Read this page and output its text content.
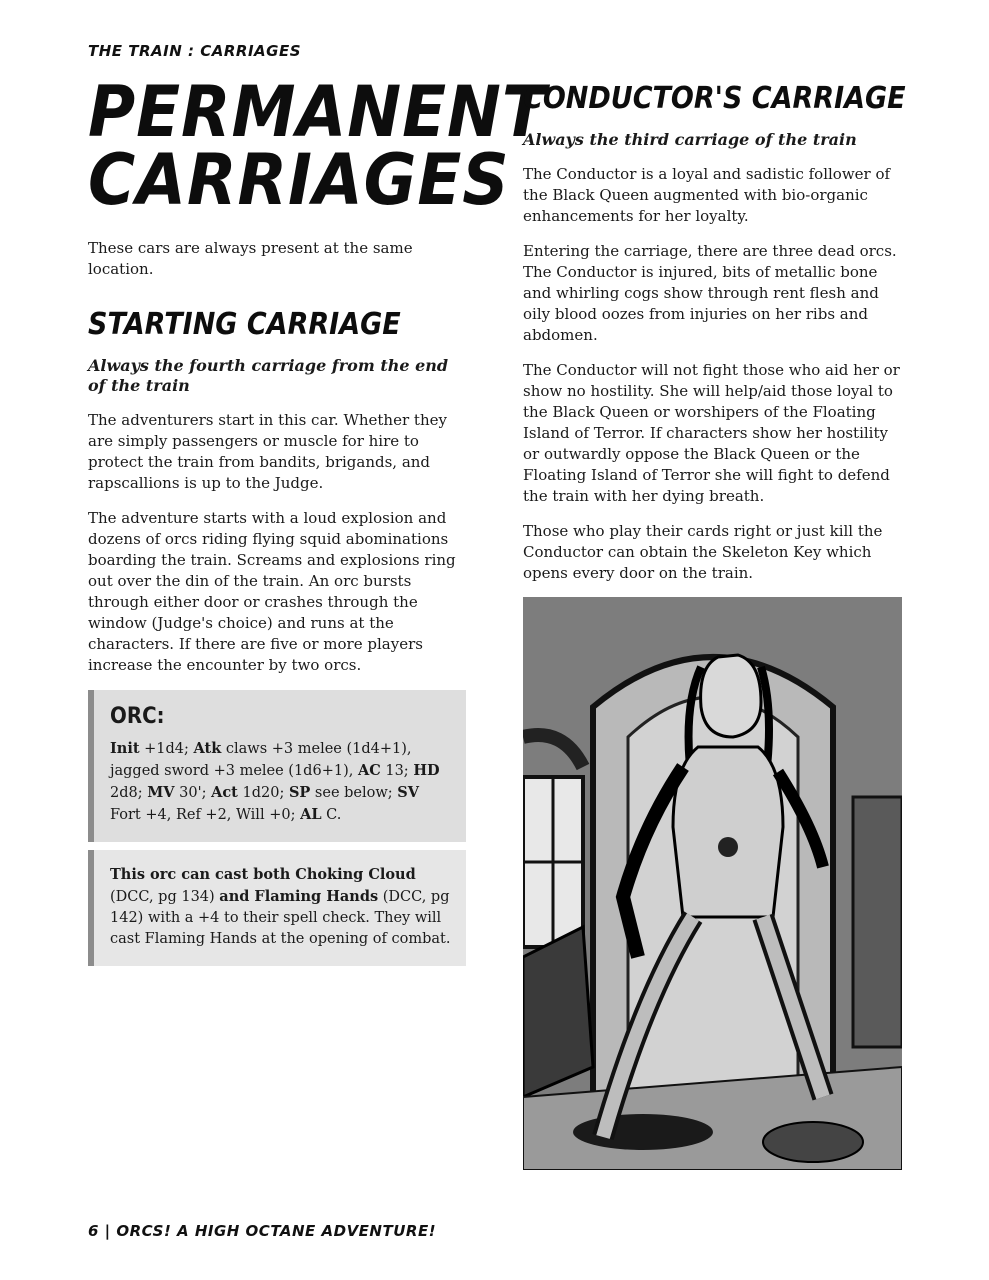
THE TRAIN : CARRIAGES
PERMANENT
CARRIAGES

These cars are always present at the same location.

STARTING CARRIAGE
Always the fourth carriage from the end of the train

The adventurers start in this car. Whether they are simply passengers or muscle for hire to protect the train from bandits, brigands, and rapscallions is up to the Judge.

The adventure starts with a loud explosion and dozens of orcs riding flying squid abominations boarding the train. Screams and explosions ring out over the din of the train. An orc bursts through either door or crashes through the window (Judge's choice) and runs at the characters. If there are five or more players increase the encounter by two orcs.

ORC:

Init +1d4; Atk claws +3 melee (1d4+1), jagged sword +3 melee (1d6+1), AC 13; HD 2d8; MV 30'; Act 1d20; SP see below; SV Fort +4, Ref +2, Will +0; AL C.

This orc can cast both Choking Cloud (DCC, pg 134) and Flaming Hands (DCC, pg 142) with a +4 to their spell check. They will cast Flaming Hands at the opening of combat.

CONDUCTOR'S CARRIAGE
Always the third carriage of the train

The Conductor is a loyal and sadistic follower of the Black Queen augmented with bio-organic enhancements for her loyalty.

Entering the carriage, there are three dead orcs. The Conductor is injured, bits of metallic bone and whirling cogs show through rent flesh and oily blood oozes from injuries on her ribs and abdomen.

The Conductor will not fight those who aid her or show no hostility. She will help/aid those loyal to the Black Queen or worshipers of the Floating Island of Terror. If characters show her hostility or outwardly oppose the Black Queen or the Floating Island of Terror she will fight to defend the train with her dying breath.

Those who play their cards right or just kill the Conductor can obtain the Skeleton Key which opens every door on the train.

6 | ORCS! A HIGH OCTANE ADVENTURE!
